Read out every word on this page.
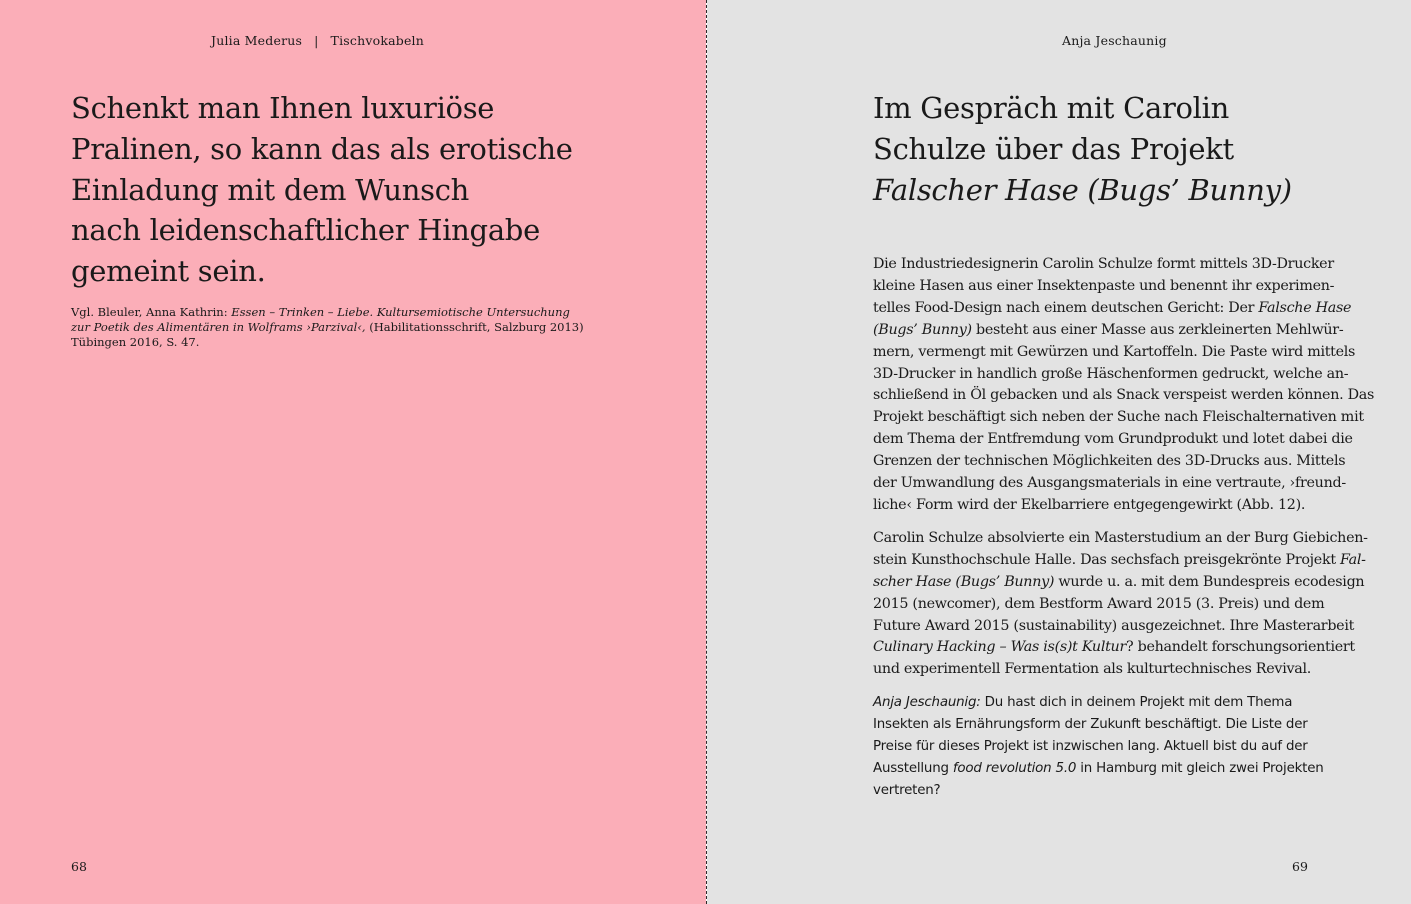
Julia Mederus | Tischvokabeln
Schenkt man Ihnen luxuriöse
Pralinen, so kann das als erotische
Einladung mit dem Wunsch
nach leidenschaftlicher Hingabe
gemeint sein.

Vgl. Bleuler, Anna Kathrin: Essen – Trinken – Liebe. Kultursemiotische Untersuchung
zur Poetik des Alimentären in Wolframs ›Parzival‹, (Habilitationsschrift, Salzburg 2013)
Tübingen 2016, S. 47.

68
Anja Jeschaunig
Im Gespräch mit Carolin
Schulze über das Projekt
Falscher Hase (Bugs’ Bunny)

Die Industriedesignerin Carolin Schulze formt mittels 3D-Drucker
kleine Hasen aus einer Insektenpaste und benennt ihr experimen-
telles Food-Design nach einem deutschen Gericht: Der Falsche Hase
(Bugs’ Bunny) besteht aus einer Masse aus zerkleinerten Mehlwür-
mern, vermengt mit Gewürzen und Kartoffeln. Die Paste wird mittels
3D-Drucker in handlich große Häschenformen gedruckt, welche an-
schließend in Öl gebacken und als Snack verspeist werden können. Das
Projekt beschäftigt sich neben der Suche nach Fleischalternativen mit
dem Thema der Entfremdung vom Grundprodukt und lotet dabei die
Grenzen der technischen Möglichkeiten des 3D-Drucks aus. Mittels
der Umwandlung des Ausgangsmaterials in eine vertraute, ›freund-
liche‹ Form wird der Ekelbarriere entgegengewirkt (Abb. 12).

Carolin Schulze absolvierte ein Masterstudium an der Burg Giebichen-
stein Kunsthochschule Halle. Das sechsfach preisgekrönte Projekt Fal-
scher Hase (Bugs’ Bunny) wurde u. a. mit dem Bundespreis ecodesign
2015 (newcomer), dem Bestform Award 2015 (3. Preis) und dem
Future Award 2015 (sustainability) ausgezeichnet. Ihre Masterarbeit
Culinary Hacking – Was is(s)t Kultur? behandelt forschungsorientiert
und experimentell Fermentation als kulturtechnisches Revival.

Anja Jeschaunig: Du hast dich in deinem Projekt mit dem Thema
Insekten als Ernährungsform der Zukunft beschäftigt. Die Liste der
Preise für dieses Projekt ist inzwischen lang. Aktuell bist du auf der
Ausstellung food revolution 5.0 in Hamburg mit gleich zwei Projekten
vertreten?

69
